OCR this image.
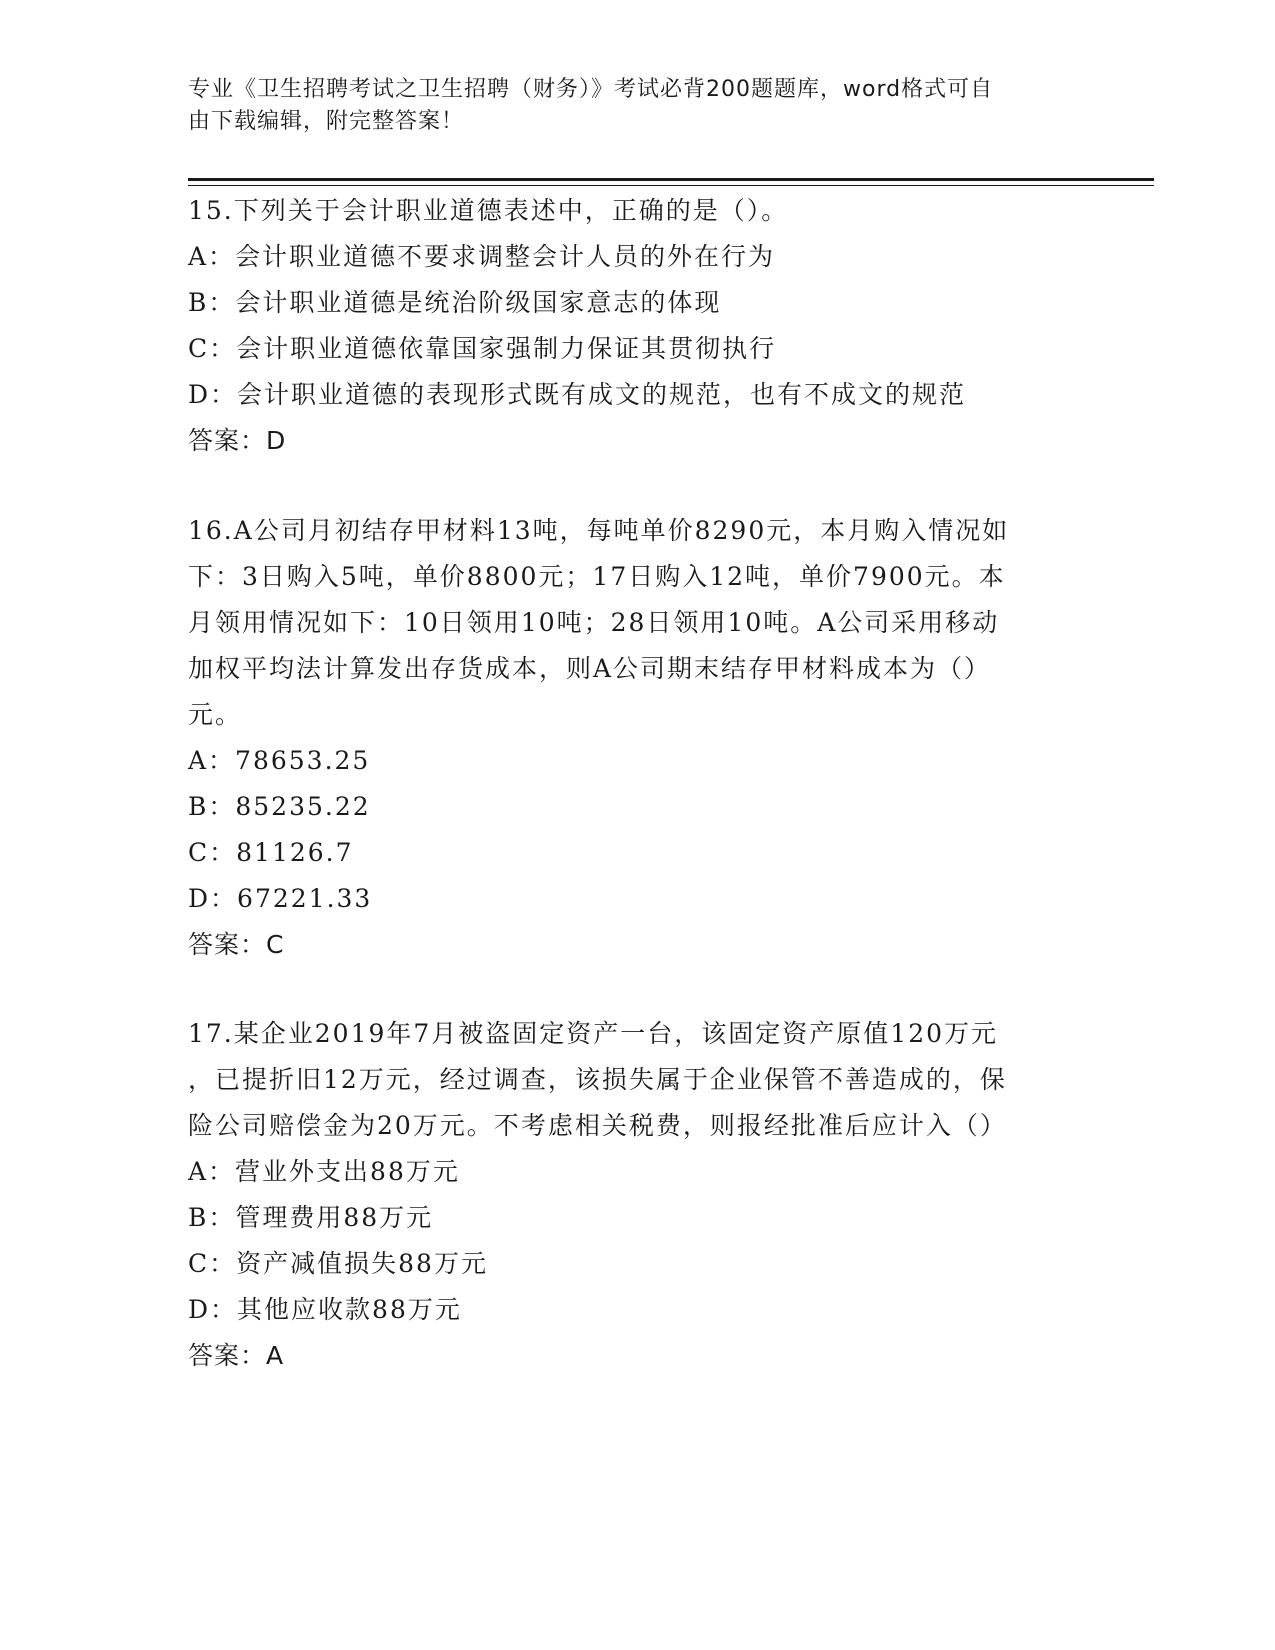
专业《卫生招聘考试之卫生招聘（财务）》考试必背200题题库，word格式可自
由下载编辑，附完整答案！
15.下列关于会计职业道德表述中，正确的是（）。
A：会计职业道德不要求调整会计人员的外在行为
B：会计职业道德是统治阶级国家意志的体现
C：会计职业道德依靠国家强制力保证其贯彻执行
D：会计职业道德的表现形式既有成文的规范，也有不成文的规范
答案：D
16.A公司月初结存甲材料13吨，每吨单价8290元，本月购入情况如
下：3日购入5吨，单价8800元；17日购入12吨，单价7900元。本
月领用情况如下：10日领用10吨；28日领用10吨。A公司采用移动
加权平均法计算发出存货成本，则A公司期末结存甲材料成本为（）
元。
A：78653.25
B：85235.22
C：81126.7
D：67221.33
答案：C
17.某企业2019年7月被盗固定资产一台，该固定资产原值120万元
，已提折旧12万元，经过调查，该损失属于企业保管不善造成的，保
险公司赔偿金为20万元。不考虑相关税费，则报经批准后应计入（）
A：营业外支出88万元
B：管理费用88万元
C：资产减值损失88万元
D：其他应收款88万元
答案：A
